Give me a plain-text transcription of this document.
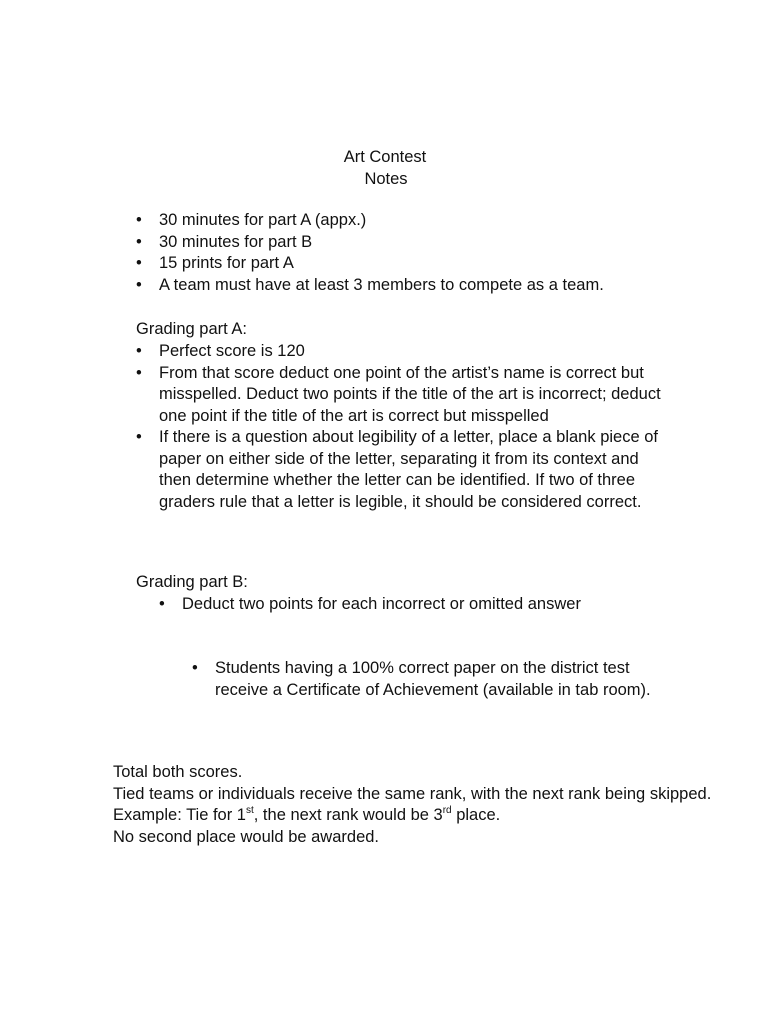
Art Contest
Notes
• 30 minutes for part A (appx.)
• 30 minutes for part B
• 15 prints for part A
• A team must have at least 3 members to compete as a team.
Grading part A:
• Perfect score is 120
• From that score deduct one point of the artist’s name is correct but misspelled. Deduct two points if the title of the art is incorrect; deduct one point if the title of the art is correct but misspelled
• If there is a question about legibility of a letter, place a blank piece of paper on either side of the letter, separating it from its context and then determine whether the letter can be identified. If two of three graders rule that a letter is legible, it should be considered correct.
Grading part B:
• Deduct two points for each incorrect or omitted answer
• Students having a 100% correct paper on the district test receive a Certificate of Achievement (available in tab room).

Total both scores.

Tied teams or individuals receive the same rank, with the next rank being skipped. Example: Tie for 1st, the next rank would be 3rd place.

No second place would be awarded.
